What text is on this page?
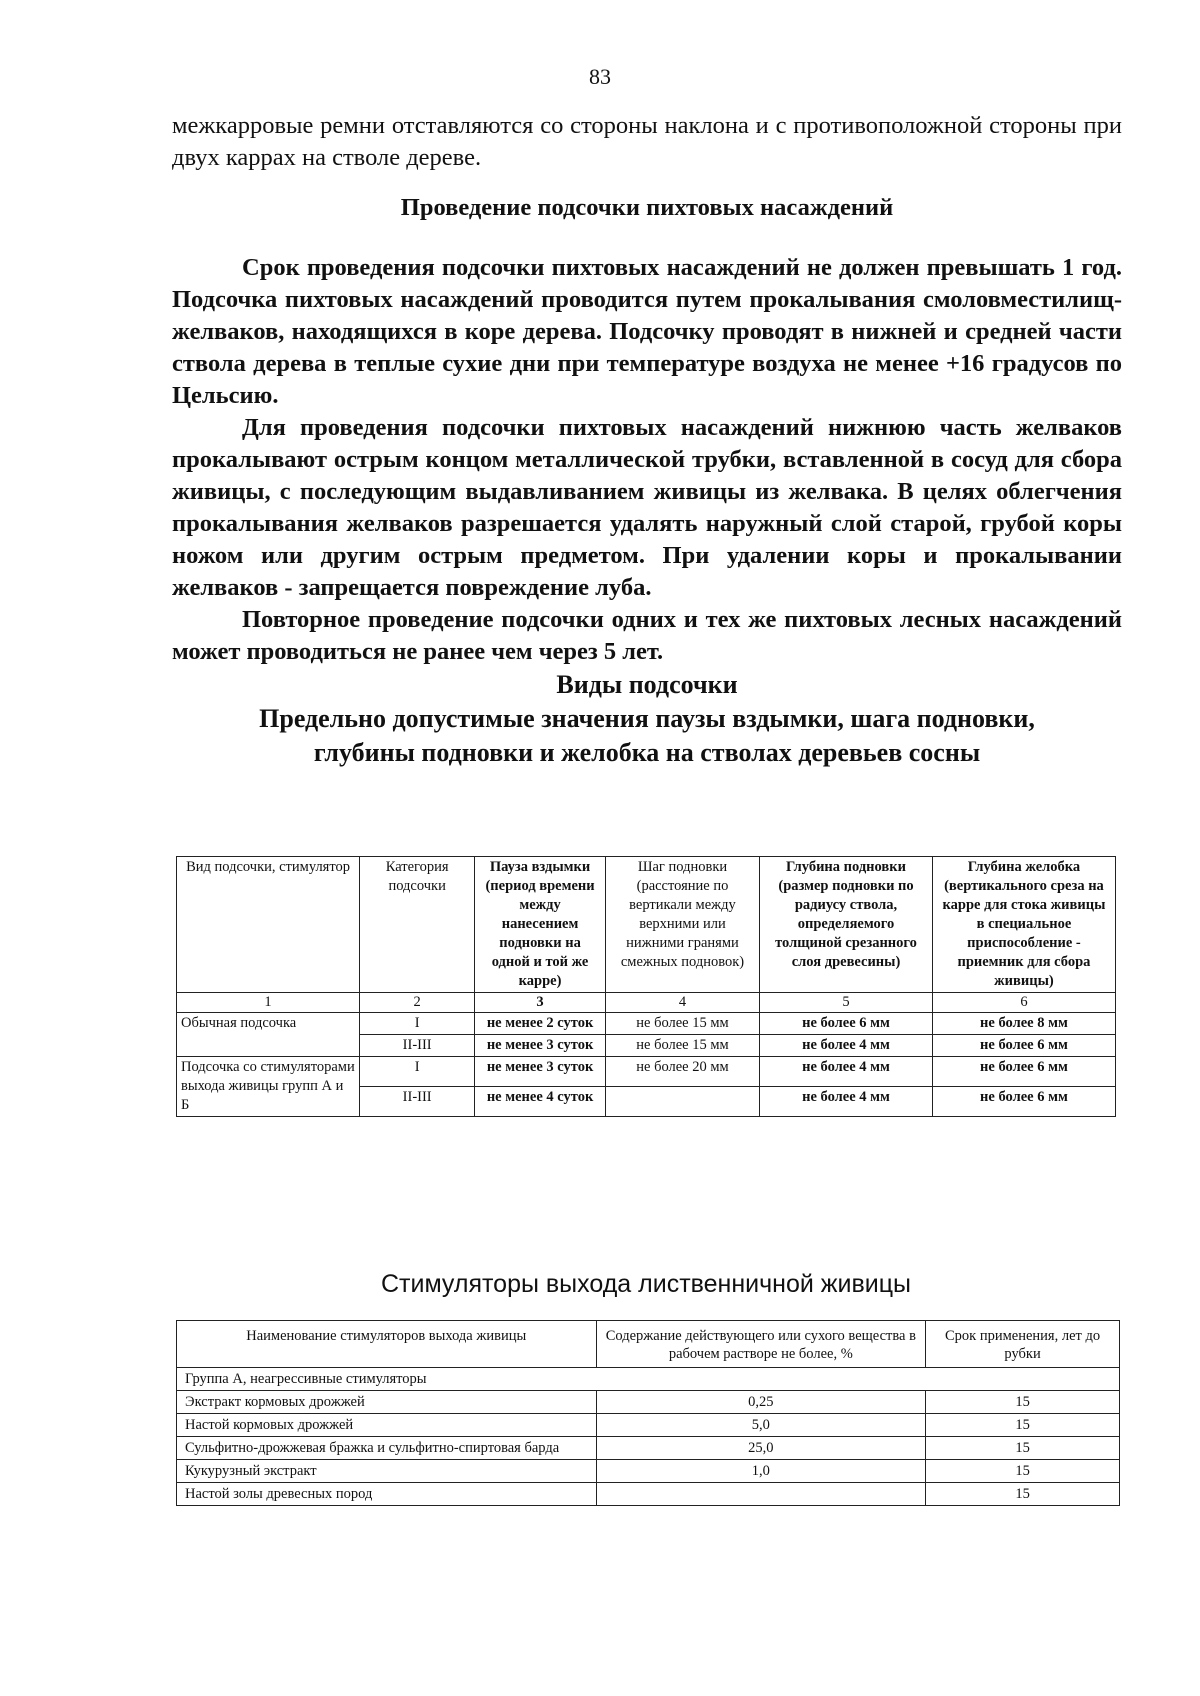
83

межкарровые ремни отставляются со стороны наклона и с противоположной стороны при двух каррах на стволе дереве.

Проведение подсочки пихтовых насаждений

Срок проведения подсочки пихтовых насаждений не должен превышать 1 год. Подсочка пихтовых насаждений проводится путем прокалывания смоловместилищ-желваков, находящихся в коре дерева. Подсочку проводят в нижней и средней части ствола дерева в теплые сухие дни при температуре воздуха не менее +16 градусов по Цельсию.

Для проведения подсочки пихтовых насаждений нижнюю часть желваков прокалывают острым концом металлической трубки, вставленной в сосуд для сбора живицы, с последующим выдавливанием живицы из желвака. В целях облегчения прокалывания желваков разрешается удалять наружный слой старой, грубой коры ножом или другим острым предметом. При удалении коры и прокалывании желваков - запрещается повреждение луба.

Повторное проведение подсочки одних и тех же пихтовых лесных насаждений может проводиться не ранее чем через 5 лет.

Виды подсочки
Предельно допустимые значения паузы вздымки, шага подновки,
глубины подновки и желобка на стволах деревьев сосны
Вид подсочки, стимулятор	Категория подсочки	Пауза вздымки (период времени между нанесением подновки на одной и той же карре)	Шаг подновки (расстояние по вертикали между верхними или нижними гранями смежных подновок)	Глубина подновки (размер подновки по радиусу ствола, определяемого толщиной срезанного слоя древесины)	Глубина желобка (вертикального среза на карре для стока живицы в специальное приспособление - приемник для сбора живицы)
1	2	3	4	5	6
Обычная подсочка	I	не менее 2 суток	не более 15 мм	не более 6 мм	не более 8 мм
	II-III	не менее 3 суток	не более 15 мм	не более 4 мм	не более 6 мм
Подсочка со стимуляторами выхода живицы групп А и Б	I	не менее 3 суток	не более 20 мм	не более 4 мм	не более 6 мм
	II-III	не менее 4 суток		не более 4 мм	не более 6 мм
Стимуляторы выхода лиственничной живицы
Наименование стимуляторов выхода живицы	Содержание действующего или сухого вещества в рабочем растворе не более, %	Срок применения, лет до рубки
Группа А, неагрессивные стимуляторы		
Экстракт кормовых дрожжей	0,25	15
Настой кормовых дрожжей	5,0	15
Сульфитно-дрожжевая бражка и сульфитно-спиртовая барда	25,0	15
Кукурузный экстракт	1,0	15
Настой золы древесных пород		15
